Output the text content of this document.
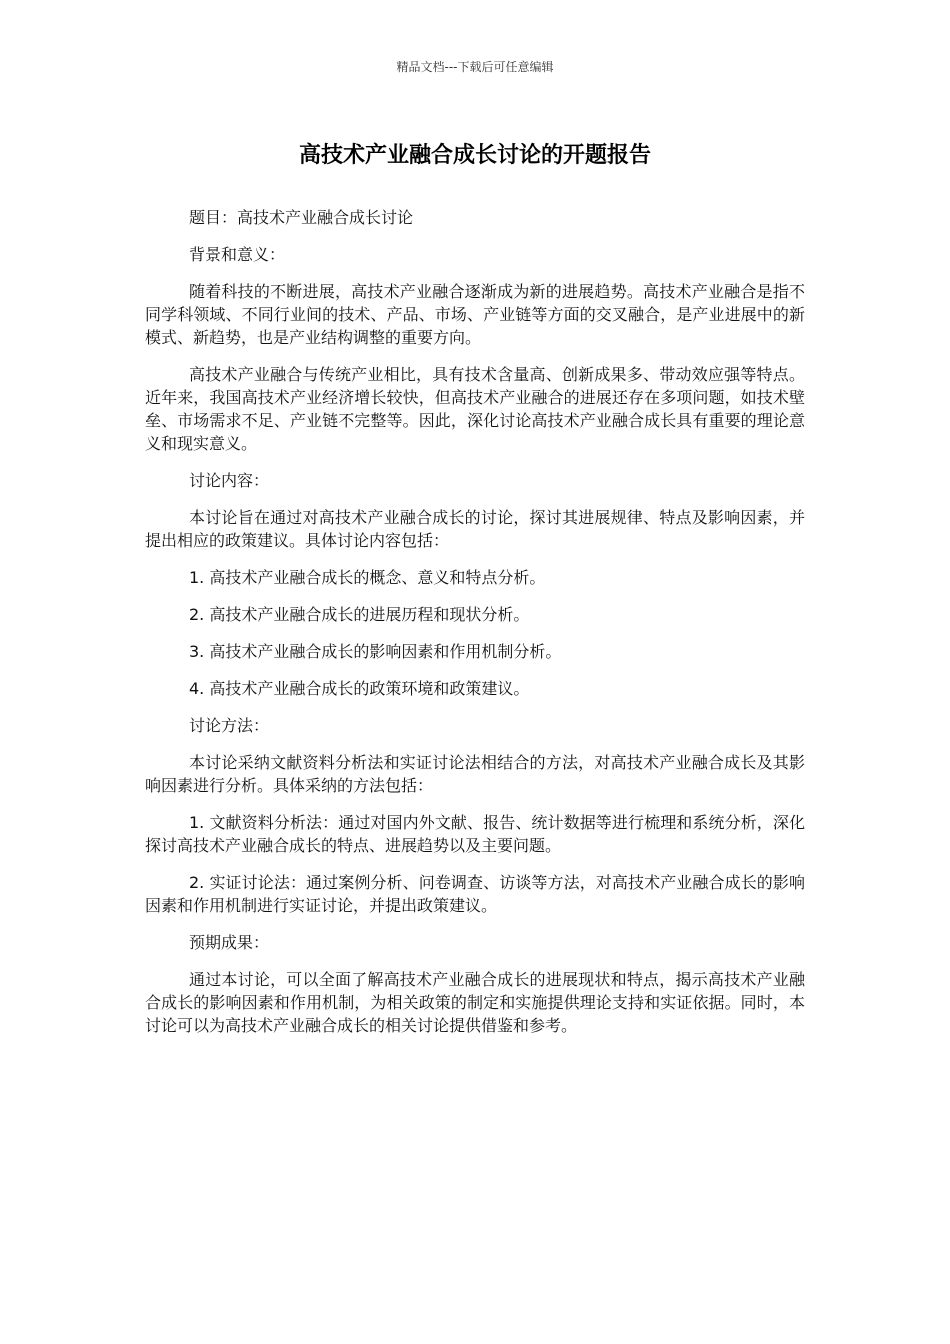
精品文档---下载后可任意编辑
高技术产业融合成长讨论的开题报告

题目：高技术产业融合成长讨论

背景和意义：

随着科技的不断进展，高技术产业融合逐渐成为新的进展趋势。高技术产业融合是指不同学科领域、不同行业间的技术、产品、市场、产业链等方面的交叉融合，是产业进展中的新模式、新趋势，也是产业结构调整的重要方向。

高技术产业融合与传统产业相比，具有技术含量高、创新成果多、带动效应强等特点。近年来，我国高技术产业经济增长较快，但高技术产业融合的进展还存在多项问题，如技术壁垒、市场需求不足、产业链不完整等。因此，深化讨论高技术产业融合成长具有重要的理论意义和现实意义。

讨论内容：

本讨论旨在通过对高技术产业融合成长的讨论，探讨其进展规律、特点及影响因素，并提出相应的政策建议。具体讨论内容包括：

1. 高技术产业融合成长的概念、意义和特点分析。

2. 高技术产业融合成长的进展历程和现状分析。

3. 高技术产业融合成长的影响因素和作用机制分析。

4. 高技术产业融合成长的政策环境和政策建议。

讨论方法：

本讨论采纳文献资料分析法和实证讨论法相结合的方法，对高技术产业融合成长及其影响因素进行分析。具体采纳的方法包括：

1. 文献资料分析法：通过对国内外文献、报告、统计数据等进行梳理和系统分析，深化探讨高技术产业融合成长的特点、进展趋势以及主要问题。

2. 实证讨论法：通过案例分析、问卷调查、访谈等方法，对高技术产业融合成长的影响因素和作用机制进行实证讨论，并提出政策建议。

预期成果：

通过本讨论，可以全面了解高技术产业融合成长的进展现状和特点，揭示高技术产业融合成长的影响因素和作用机制，为相关政策的制定和实施提供理论支持和实证依据。同时，本讨论可以为高技术产业融合成长的相关讨论提供借鉴和参考。
